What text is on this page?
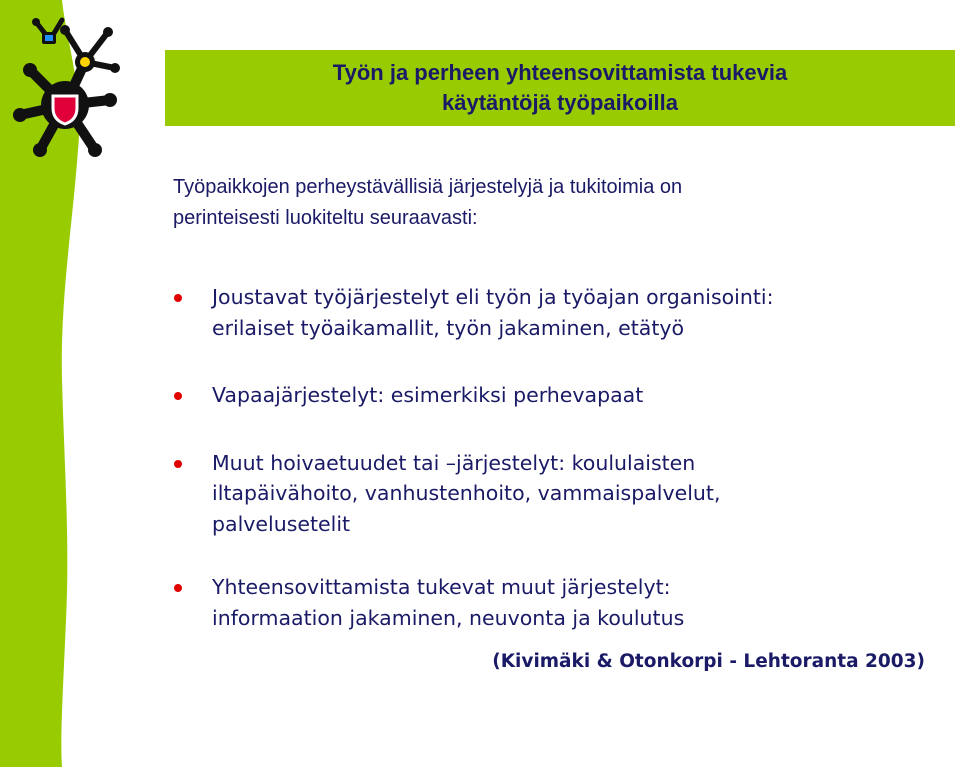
Työn ja perheen yhteensovittamista tukevia
käytäntöjä työpaikoilla
Työpaikkojen perheystävällisiä järjestelyjä ja tukitoimia on
perinteisesti luokiteltu seuraavasti:
Joustavat työjärjestelyt eli työn ja työajan organisointi:
erilaiset työaikamallit, työn jakaminen, etätyö
Vapaajärjestelyt: esimerkiksi perhevapaat
Muut hoivaetuudet tai –järjestelyt: koululaisten
iltapäivähoito, vanhustenhoito, vammaispalvelut,
palvelusetelit
Yhteensovittamista tukevat muut järjestelyt:
informaation jakaminen, neuvonta ja koulutus
(Kivimäki & Otonkorpi - Lehtoranta 2003)
